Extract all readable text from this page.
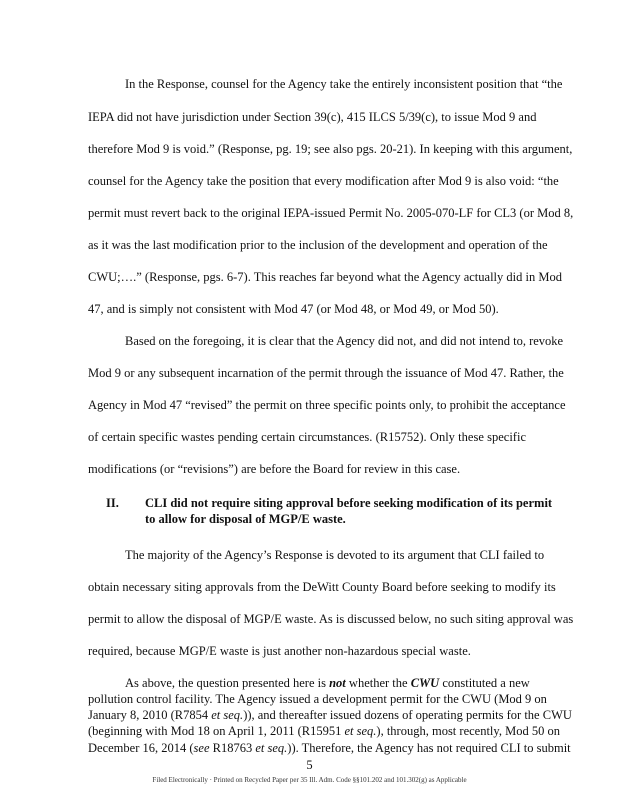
In the Response, counsel for the Agency take the entirely inconsistent position that “the
IEPA did not have jurisdiction under Section 39(c), 415 ILCS 5/39(c), to issue Mod 9 and
therefore Mod 9 is void.” (Response, pg. 19; see also pgs. 20-21). In keeping with this argument,
counsel for the Agency take the position that every modification after Mod 9 is also void: “the
permit must revert back to the original IEPA-issued Permit No. 2005-070-LF for CL3 (or Mod 8,
as it was the last modification prior to the inclusion of the development and operation of the
CWU;….” (Response, pgs. 6-7). This reaches far beyond what the Agency actually did in Mod
47, and is simply not consistent with Mod 47 (or Mod 48, or Mod 49, or Mod 50).
Based on the foregoing, it is clear that the Agency did not, and did not intend to, revoke
Mod 9 or any subsequent incarnation of the permit through the issuance of Mod 47. Rather, the
Agency in Mod 47 “revised” the permit on three specific points only, to prohibit the acceptance
of certain specific wastes pending certain circumstances. (R15752). Only these specific
modifications (or “revisions”) are before the Board for review in this case.
II. CLI did not require siting approval before seeking modification of its permit
to allow for disposal of MGP/E waste.
The majority of the Agency’s Response is devoted to its argument that CLI failed to
obtain necessary siting approvals from the DeWitt County Board before seeking to modify its
permit to allow the disposal of MGP/E waste. As is discussed below, no such siting approval was
required, because MGP/E waste is just another non-hazardous special waste.
As above, the question presented here is not whether the CWU constituted a new
pollution control facility. The Agency issued a development permit for the CWU (Mod 9 on
5
Filed Electronically · Printed on Recycled Paper per 35 Ill. Adm. Code §§101.202 and 101.302(g) as Applicable
January 8, 2010 (R7854 et seq.)), and thereafter issued dozens of operating permits for the CWU
(beginning with Mod 18 on April 1, 2011 (R15951 et seq.), through, most recently, Mod 50 on
December 16, 2014 (see R18763 et seq.)). Therefore, the Agency has not required CLI to submit
